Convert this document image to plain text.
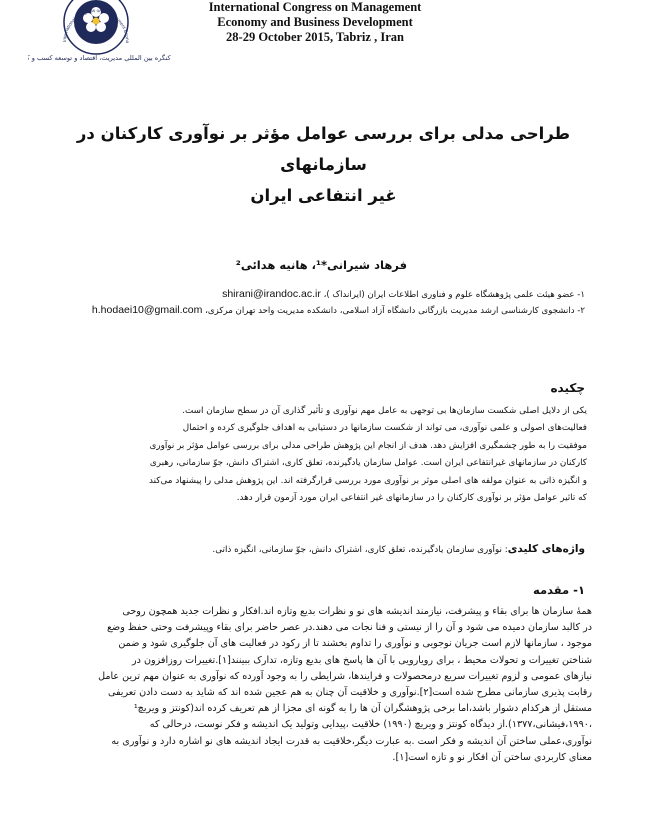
International Congress on Management Econo
کنگره بین المللی مدیریت، اقتصاد و توسعه کسب و کار
International Congress on Management
Economy and Business Development
28-29 October 2015, Tabriz , Iran
طراحی مدلی برای بررسی عوامل مؤثر بر نوآوری کارکنان در سازمانهای
غیر انتفاعی ایران
فرهاد شیرانی*¹، هانیه هدائی²
۱- عضو هیئت علمی پژوهشگاه علوم و فناوری اطلاعات ایران (ایرانداک )، shirani@irandoc.ac.ir
۲- دانشجوی کارشناسی ارشد مدیریت بازرگانی دانشگاه آزاد اسلامی، دانشکده مدیریت واحد تهران مرکزی، h.hodaei10@gmail.com
چکیده
یکی از دلایل اصلی شکست سازمان‌ها بی توجهی به عامل مهم نوآوری و تأثیر گذاری آن در سطح سازمان است.
فعالیت‌های اصولی و علمی نوآوری، می تواند از شکست سازمانها در دستیابی به اهداف جلوگیری کرده و احتمال
موفقیت را به طور چشمگیری افزایش دهد. هدف از انجام این پژوهش طراحی مدلی برای بررسی عوامل مؤثر بر نوآوری
کارکنان در سازمانهای غیرانتفاعی ایران است. عوامل سازمان یادگیرنده، تعلق کاری، اشتراک دانش، جوّ سازمانی، رهبری
و انگیزه ذاتی به عنوان مولفه های اصلی موثر بر نوآوری مورد بررسی قرارگرفته اند. این پژوهش مدلی را پیشنهاد می‌کند
که تاثیر عوامل مؤثر بر نوآوری کارکنان را در سازمانهای غیر انتفاعی ایران مورد آزمون قرار دهد.
واژه‌های کلیدی: نوآوری سازمان یادگیرنده، تعلق کاری، اشتراک دانش، جوّ سازمانی، انگیزه ذاتی.
۱- مقدمه
همهٔ سازمان ها برای بقاء و پیشرفت، نیازمند اندیشه های نو و نظرات بدیع وتازه اند.افکار و نظرات جدید همچون روحی
در کالبد سازمان دمیده می شود و آن را از نیستی و فنا نجات می دهند.در عصر حاضر برای بقاء وپیشرفت وحتی حفظ وضع
موجود ، سازمانها لازم است جریان نوجویی و نوآوری را تداوم بخشند تا از رکود در فعالیت های آن جلوگیری شود و ضمن
شناختن تغییرات و تحولات محیط ، برای رویارویی با آن ها پاسخ های بدیع وتازه، تدارک ببینند[۱].تغییرات روزافزون در
نیازهای عمومی و لزوم تغییرات سریع درمحصولات و فرایندها، شرایطی را به وجود آورده که نوآوری به عنوان مهم ترین عامل
رقابت پذیری سازمانی مطرح شده است[۲].نوآوری و خلاقیت آن چنان به هم عجین شده اند که شاید به دست دادن تعریفی
مستقل از هرکدام دشوار باشد،اما برخی پژوهشگران آن ها را به گونه ای مجزا از هم تعریف کرده اند(کونتز و ویریچ¹
،۱۹۹۰،فیشانی،۱۳۷۷).از دیدگاه کونتز و ویریچ (۱۹۹۰) خلاقیت ،پیدایی وتولید یک اندیشه و فکر نوست، درحالی که
نوآوری،عملی ساختن آن اندیشه و فکر است .به عبارت دیگر،خلاقیت به قدرت ایجاد اندیشه های نو اشاره دارد و نوآوری به
معنای کاربردی ساختن آن افکار نو و تازه است[۱].
